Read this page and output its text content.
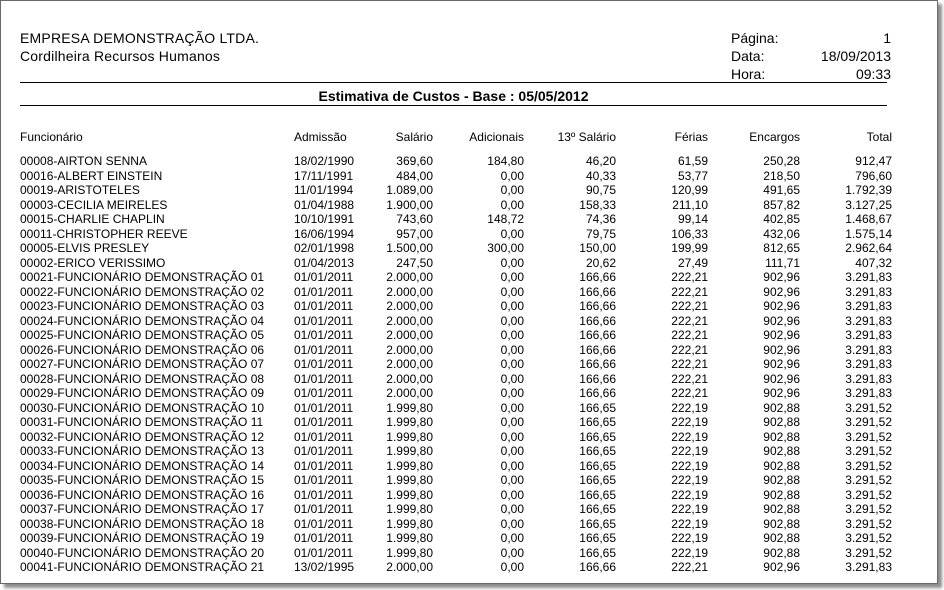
EMPRESA DEMONSTRAÇÃO LTDA.
Cordilheira Recursos Humanos
Página:	1
Data:	18/09/2013
Hora:	09:33
Estimativa de Custos - Base : 05/05/2012
Funcionário	Admissão	Salário	Adicionais	13º Salário	Férias	Encargos	Total
00008-AIRTON SENNA	18/02/1990	369,60	184,80	46,20	61,59	250,28	912,47
00016-ALBERT EINSTEIN	17/11/1991	484,00	0,00	40,33	53,77	218,50	796,60
00019-ARISTOTELES	11/01/1994	1.089,00	0,00	90,75	120,99	491,65	1.792,39
00003-CECILIA MEIRELES	01/04/1988	1.900,00	0,00	158,33	211,10	857,82	3.127,25
00015-CHARLIE CHAPLIN	10/10/1991	743,60	148,72	74,36	99,14	402,85	1.468,67
00011-CHRISTOPHER REEVE	16/06/1994	957,00	0,00	79,75	106,33	432,06	1.575,14
00005-ELVIS PRESLEY	02/01/1998	1.500,00	300,00	150,00	199,99	812,65	2.962,64
00002-ERICO VERISSIMO	01/04/2013	247,50	0,00	20,62	27,49	111,71	407,32
00021-FUNCIONÁRIO DEMONSTRAÇÃO 01 01/01/2011	2.000,00	0,00	166,66	222,21	902,96	3.291,83
00022-FUNCIONÁRIO DEMONSTRAÇÃO 02 01/01/2011	2.000,00	0,00	166,66	222,21	902,96	3.291,83
00023-FUNCIONÁRIO DEMONSTRAÇÃO 03 01/01/2011	2.000,00	0,00	166,66	222,21	902,96	3.291,83
00024-FUNCIONÁRIO DEMONSTRAÇÃO 04 01/01/2011	2.000,00	0,00	166,66	222,21	902,96	3.291,83
00025-FUNCIONÁRIO DEMONSTRAÇÃO 05 01/01/2011	2.000,00	0,00	166,66	222,21	902,96	3.291,83
00026-FUNCIONÁRIO DEMONSTRAÇÃO 06 01/01/2011	2.000,00	0,00	166,66	222,21	902,96	3.291,83
00027-FUNCIONÁRIO DEMONSTRAÇÃO 07 01/01/2011	2.000,00	0,00	166,66	222,21	902,96	3.291,83
00028-FUNCIONÁRIO DEMONSTRAÇÃO 08 01/01/2011	2.000,00	0,00	166,66	222,21	902,96	3.291,83
00029-FUNCIONÁRIO DEMONSTRAÇÃO 09 01/01/2011	2.000,00	0,00	166,66	222,21	902,96	3.291,83
00030-FUNCIONÁRIO DEMONSTRAÇÃO 10 01/01/2011	1.999,80	0,00	166,65	222,19	902,88	3.291,52
00031-FUNCIONÁRIO DEMONSTRAÇÃO 11	01/01/2011	1.999,80	0,00	166,65	222,19	902,88	3.291,52
00032-FUNCIONÁRIO DEMONSTRAÇÃO 12 01/01/2011	1.999,80	0,00	166,65	222,19	902,88	3.291,52
00033-FUNCIONÁRIO DEMONSTRAÇÃO 13 01/01/2011	1.999,80	0,00	166,65	222,19	902,88	3.291,52
00034-FUNCIONÁRIO DEMONSTRAÇÃO 14 01/01/2011	1.999,80	0,00	166,65	222,19	902,88	3.291,52
00035-FUNCIONÁRIO DEMONSTRAÇÃO 15 01/01/2011	1.999,80	0,00	166,65	222,19	902,88	3.291,52
00036-FUNCIONÁRIO DEMONSTRAÇÃO 16 01/01/2011	1.999,80	0,00	166,65	222,19	902,88	3.291,52
00037-FUNCIONÁRIO DEMONSTRAÇÃO 17 01/01/2011	1.999,80	0,00	166,65	222,19	902,88	3.291,52
00038-FUNCIONÁRIO DEMONSTRAÇÃO 18 01/01/2011	1.999,80	0,00	166,65	222,19	902,88	3.291,52
00039-FUNCIONÁRIO DEMONSTRAÇÃO 19 01/01/2011	1.999,80	0,00	166,65	222,19	902,88	3.291,52
00040-FUNCIONÁRIO DEMONSTRAÇÃO 20 01/01/2011	1.999,80	0,00	166,65	222,19	902,88	3.291,52
00041-FUNCIONÁRIO DEMONSTRAÇÃO 21 13/02/1995	2.000,00	0,00	166,66	222,21	902,96	3.291,83
